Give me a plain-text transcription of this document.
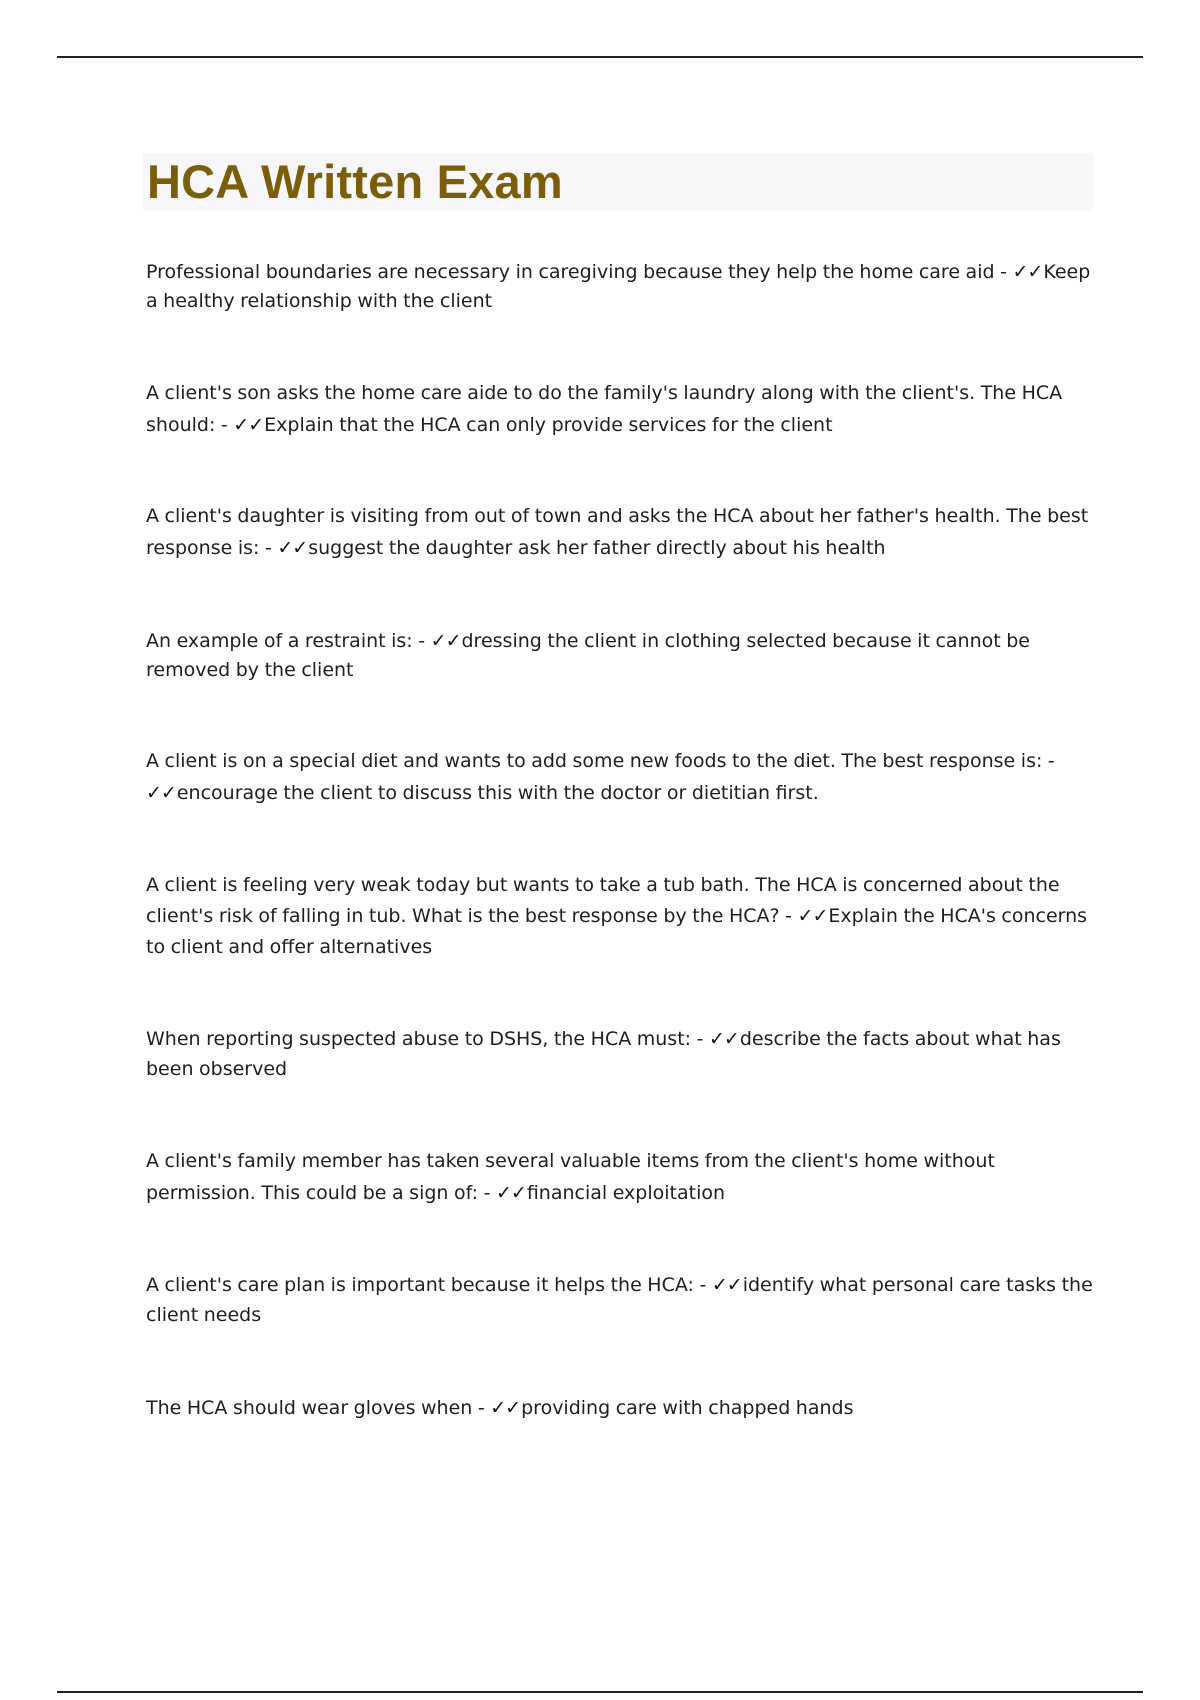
HCA Written Exam

Professional boundaries are necessary in caregiving because they help the home care aid - ✓✓Keep a healthy relationship with the client

A client's son asks the home care aide to do the family's laundry along with the client's. The HCA should: - ✓✓Explain that the HCA can only provide services for the client

A client's daughter is visiting from out of town and asks the HCA about her father's health. The best response is: - ✓✓suggest the daughter ask her father directly about his health

An example of a restraint is: - ✓✓dressing the client in clothing selected because it cannot be removed by the client

A client is on a special diet and wants to add some new foods to the diet. The best response is: - ✓✓encourage the client to discuss this with the doctor or dietitian first.

A client is feeling very weak today but wants to take a tub bath. The HCA is concerned about the client's risk of falling in tub. What is the best response by the HCA? - ✓✓Explain the HCA's concerns to client and offer alternatives

When reporting suspected abuse to DSHS, the HCA must: - ✓✓describe the facts about what has been observed

A client's family member has taken several valuable items from the client's home without permission. This could be a sign of: - ✓✓financial exploitation

A client's care plan is important because it helps the HCA: - ✓✓identify what personal care tasks the client needs

The HCA should wear gloves when - ✓✓providing care with chapped hands
